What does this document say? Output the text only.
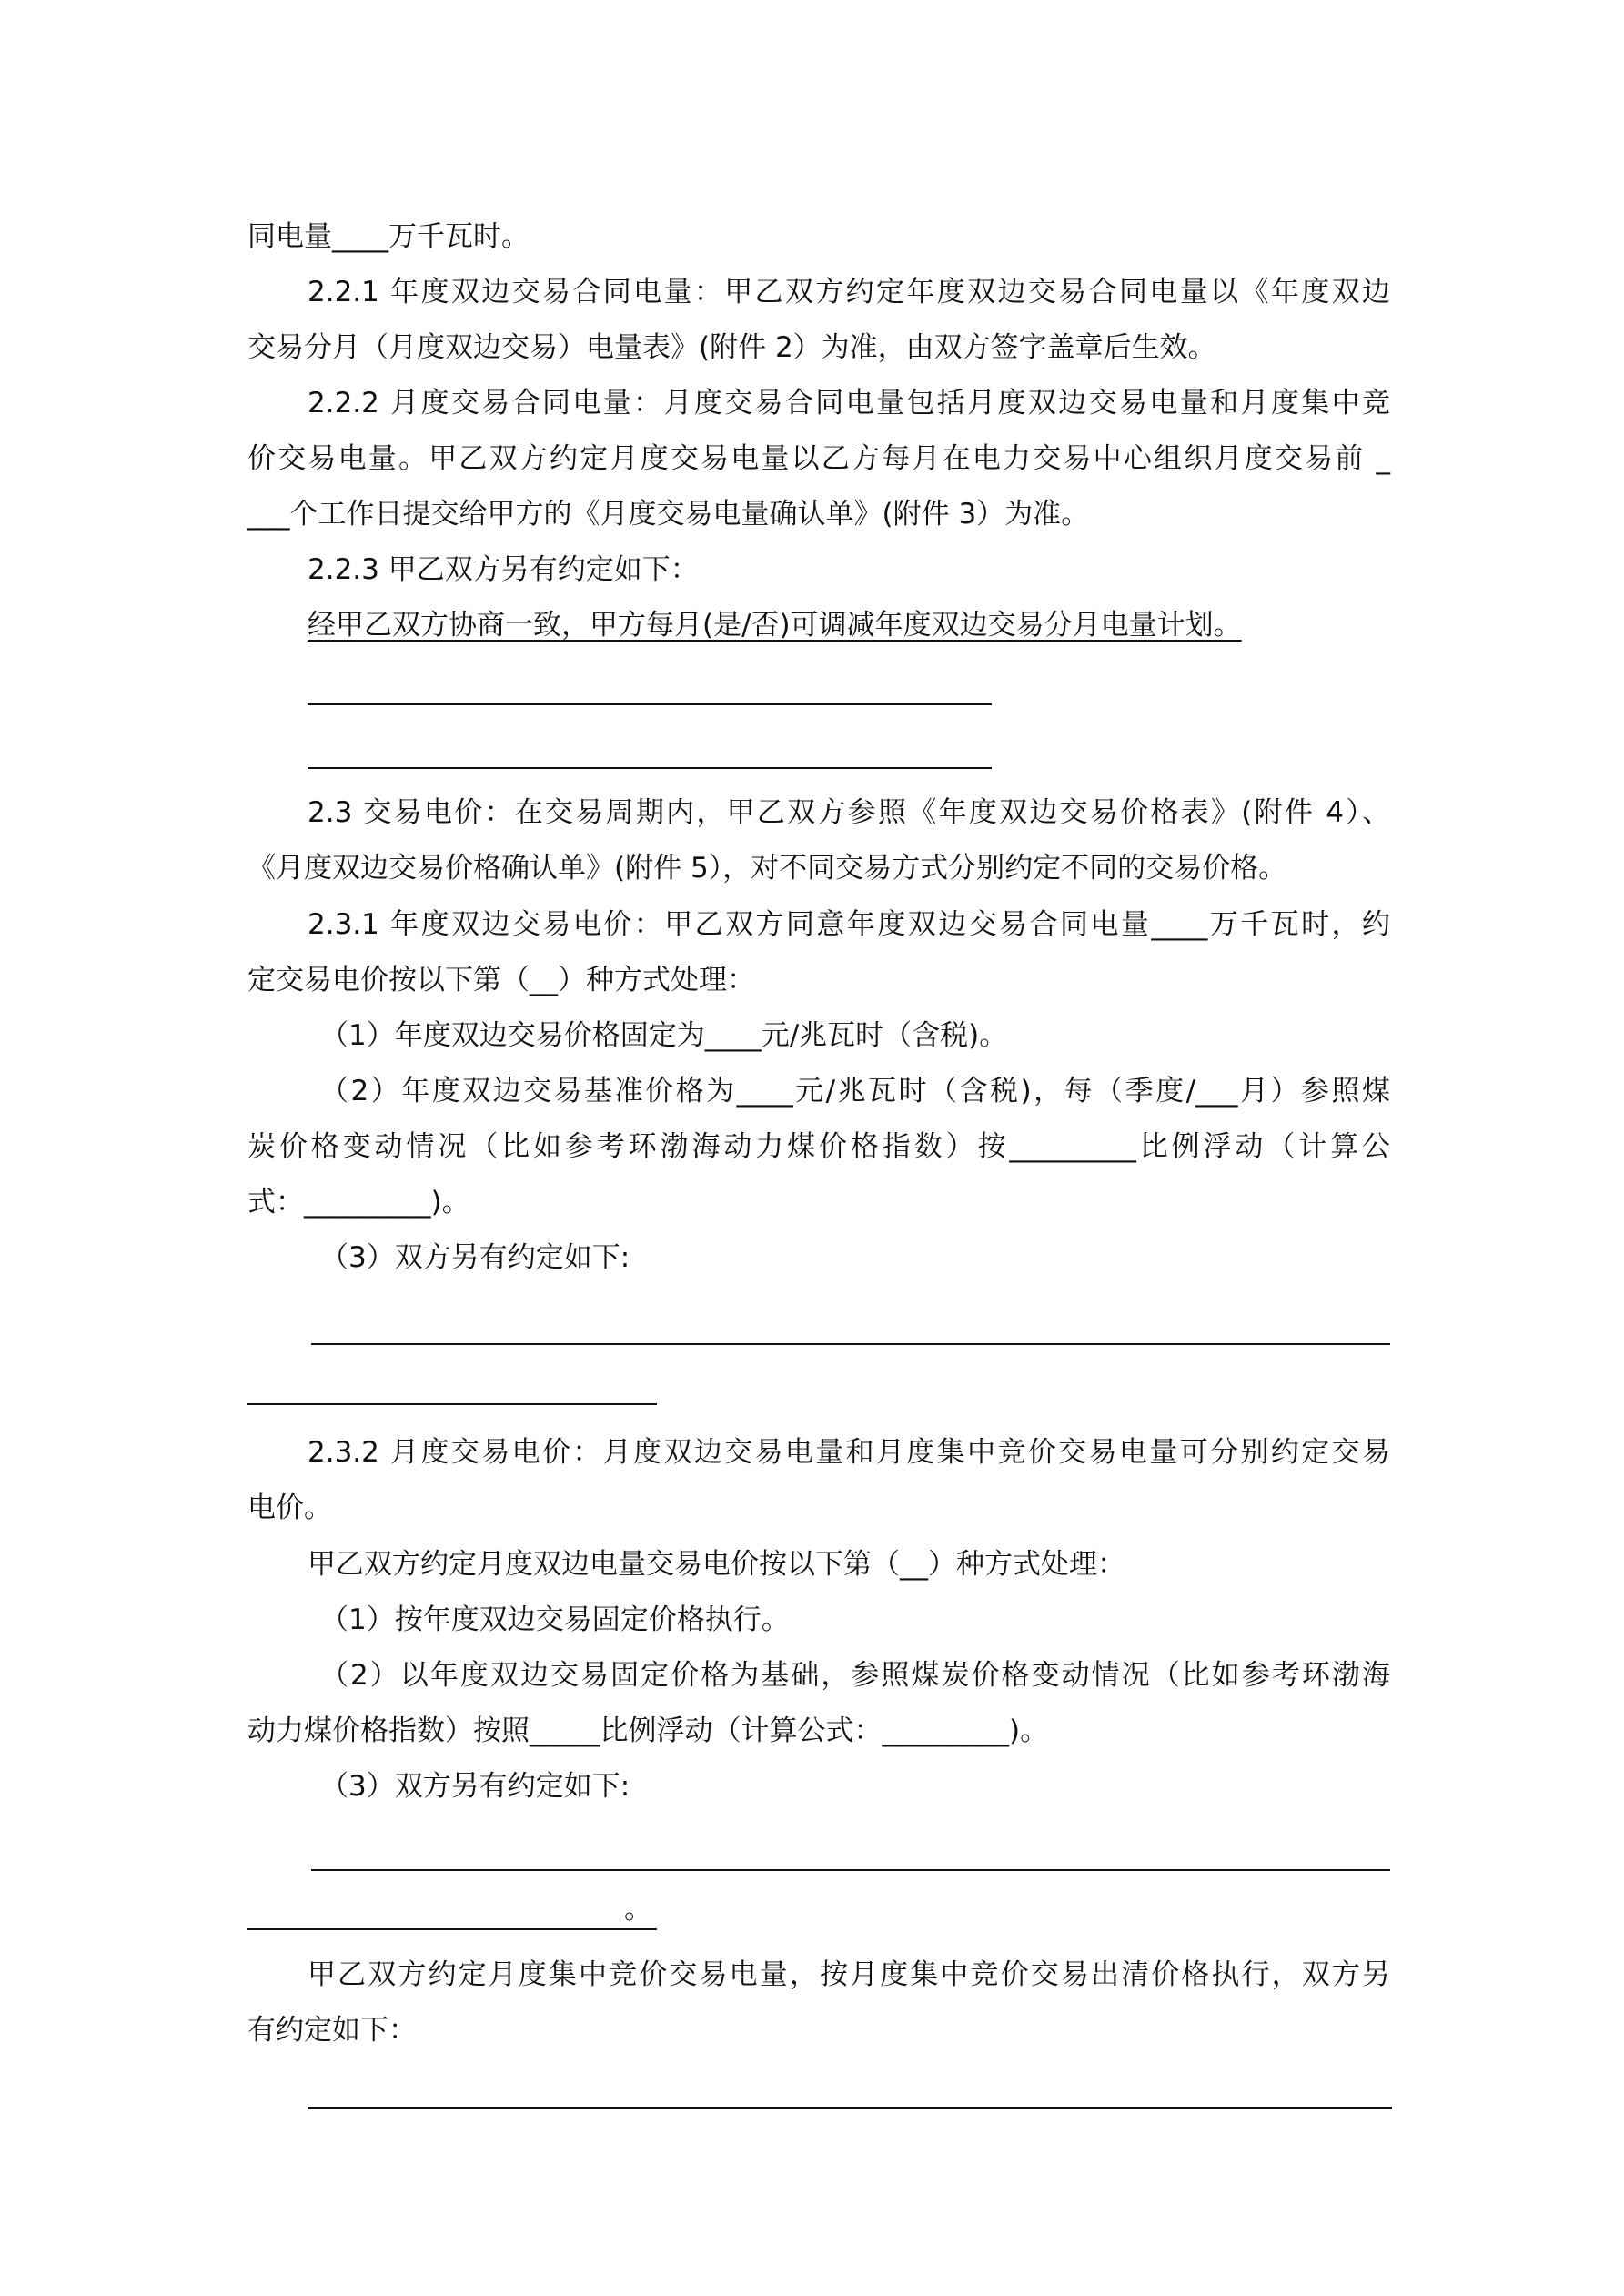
同电量____万千瓦时。
2.2.1 年度双边交易合同电量：甲乙双方约定年度双边交易合同电量以《年度双边
交易分月（月度双边交易）电量表》(附件 2）为准，由双方签字盖章后生效。
2.2.2 月度交易合同电量：月度交易合同电量包括月度双边交易电量和月度集中竞
价交易电量。甲乙双方约定月度交易电量以乙方每月在电力交易中心组织月度交易前 _
___个工作日提交给甲方的《月度交易电量确认单》(附件 3）为准。
2.2.3 甲乙双方另有约定如下：
经甲乙双方协商一致，甲方每月(是/否)可调减年度双边交易分月电量计划。
2.3 交易电价：在交易周期内，甲乙双方参照《年度双边交易价格表》(附件 4）、
《月度双边交易价格确认单》(附件 5），对不同交易方式分别约定不同的交易价格。
2.3.1 年度双边交易电价：甲乙双方同意年度双边交易合同电量____万千瓦时，约
定交易电价按以下第（__）种方式处理：
（1）年度双边交易价格固定为____元/兆瓦时（含税)。
（2）年度双边交易基准价格为____元/兆瓦时（含税)，每（季度/___月）参照煤
炭价格变动情况（比如参考环渤海动力煤价格指数）按_________比例浮动（计算公
式：_________)。
（3）双方另有约定如下:
2.3.2 月度交易电价：月度双边交易电量和月度集中竞价交易电量可分别约定交易
电价。
甲乙双方约定月度双边电量交易电价按以下第（__）种方式处理：
（1）按年度双边交易固定价格执行。
（2）以年度双边交易固定价格为基础，参照煤炭价格变动情况（比如参考环渤海
动力煤价格指数）按照_____比例浮动（计算公式：_________)。
（3）双方另有约定如下:
。
甲乙双方约定月度集中竞价交易电量，按月度集中竞价交易出清价格执行，双方另
有约定如下：
